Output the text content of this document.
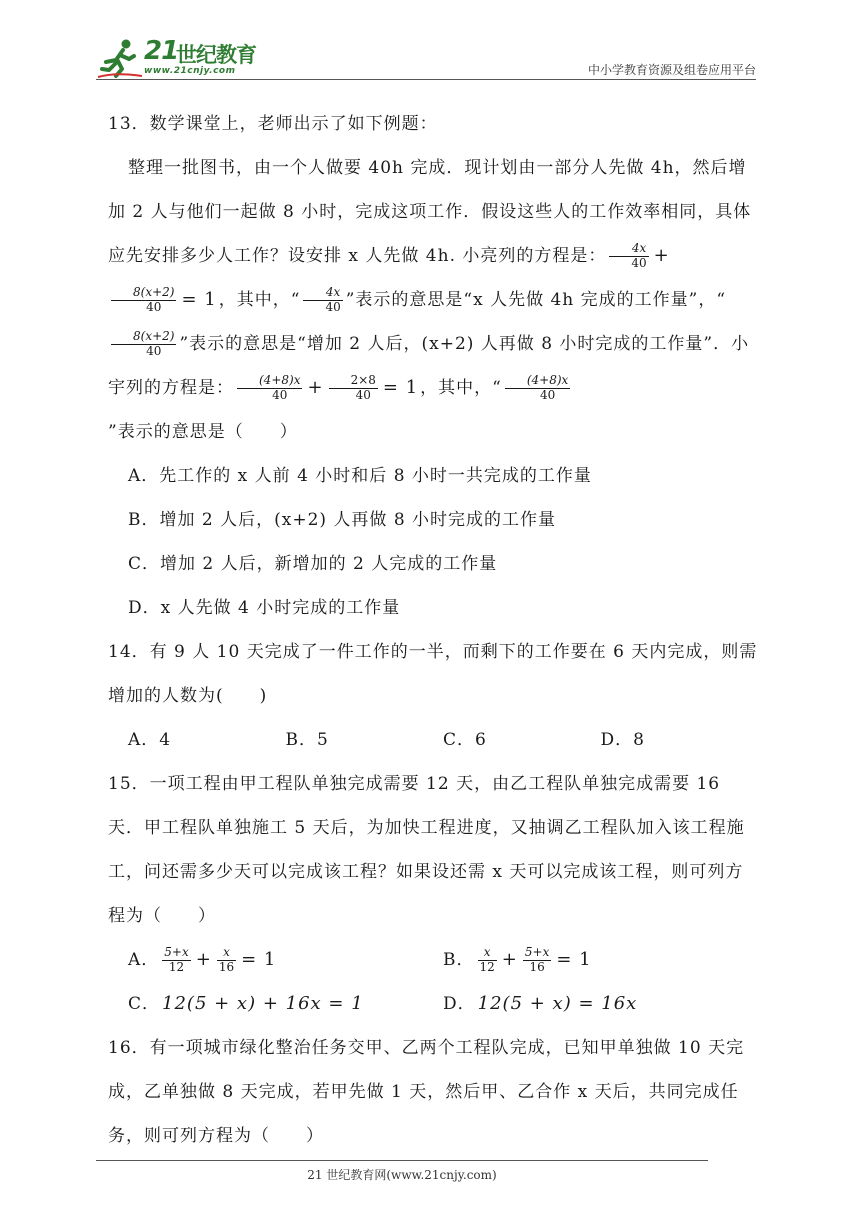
21
世纪教育
www.21cnjy.com	中小学教育资源及组卷应用平台

13．数学课堂上，老师出示了如下例题：

整理一批图书，由一个人做要 40h 完成．现计划由一部分人先做 4h，然后增加 2 人与他们一起做 8 小时，完成这项工作．假设这些人的工作效率相同，具体应先安排多少人工作？设安排 x 人先做 4h. 小亮列的方程是： $\frac{4x}{40}$ +

$\frac{8(x+2)}{40} = 1$ ，其中，“ $\frac{4x}{40}$ ”表示的意思是“x 人先做 4h 完成的工作量”，“

$\frac{8(x+2)}{40}$ ”表示的意思是“增加 2 人后，(x+2) 人再做 8 小时完成的工作量”．小宇列的方程是： $\frac{(4+8)x}{40} + \frac{2\times 8}{40} = 1$ ，其中，“ $\frac{(4+8)x}{40}$
”表示的意思是（　　）

A．先工作的 x 人前 4 小时和后 8 小时一共完成的工作量

B．增加 2 人后，(x+2) 人再做 8 小时完成的工作量

C．增加 2 人后，新增加的 2 人完成的工作量

D．x 人先做 4 小时完成的工作量

14．有 9 人 10 天完成了一件工作的一半，而剩下的工作要在 6 天内完成，则需增加的人数为(　　)

A．4	B．5	C．6	D．8

15．一项工程由甲工程队单独完成需要 12 天，由乙工程队单独完成需要 16 天．甲工程队单独施工 5 天后，为加快工程进度，又抽调乙工程队加入该工程施工，问还需多少天可以完成该工程？如果设还需 x 天可以完成该工程，则可列方程为（　　）

A． $\frac{5+x}{12} + \frac{x}{16} = 1$	B． $\frac{x}{12} + \frac{5+x}{16} = 1$
C． 12(5 + x) + 16x = 1	D． 12(5 + x) = 16x

16．有一项城市绿化整治任务交甲、乙两个工程队完成，已知甲单独做 10 天完成，乙单独做 8 天完成，若甲先做 1 天，然后甲、乙合作 x 天后，共同完成任务，则可列方程为（　　）

21 世纪教育网(www.21cnjy.com)
